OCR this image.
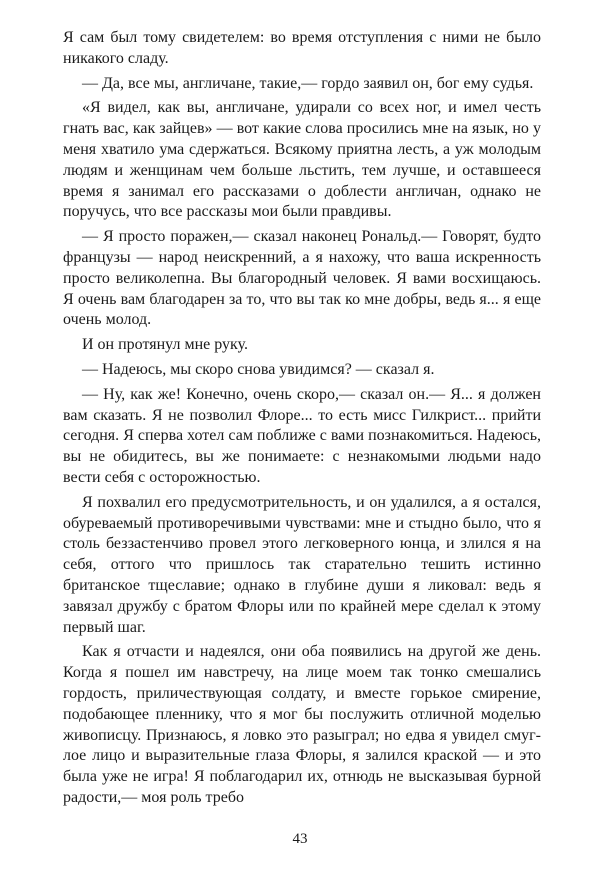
Я сам был тому свидетелем: во время отступления с ними не было никакого сладу.

— Да, все мы, англичане, такие,— гордо заявил он, бог ему судья.

«Я видел, как вы, англичане, удирали со всех ног, и имел честь гнать вас, как зайцев» — вот какие слова просились мне на язык, но у меня хватило ума сдержаться. Всякому приятна лесть, а уж молодым людям и женщинам чем больше льстить, тем лучше, и оставшееся время я занимал его рассказами о доблести англичан, однако не поручусь, что все рассказы мои были правдивы.

— Я просто поражен,— сказал наконец Рональд.— Говорят, будто французы — народ неискренний, а я нахожу, что ваша искренность просто великолепна. Вы благородный человек. Я вами восхищаюсь. Я очень вам благодарен за то, что вы так ко мне добры, ведь я... я еще очень молод.

И он протянул мне руку.

— Надеюсь, мы скоро снова увидимся? — сказал я.

— Ну, как же! Конечно, очень скоро,— сказал он.— Я... я должен вам сказать. Я не позволил Флоре... то есть мисс Гилкрист... прийти сегодня. Я сперва хотел сам поближе с вами познакомиться. Надеюсь, вы не обидитесь, вы же понимаете: с незнакомыми людьми надо вести себя с осторожностью.

Я похвалил его предусмотрительность, и он удалился, а я остался, обуреваемый противоречивыми чувствами: мне и стыдно было, что я столь беззастенчиво провел этого легковерного юнца, и злился я на себя, оттого что пришлось так старательно тешить истинно британское тщеславие; однако в глубине души я ликовал: ведь я завязал дружбу с братом Флоры или по крайней мере сделал к этому первый шаг.

Как я отчасти и надеялся, они оба появились на другой же день. Когда я пошел им навстречу, на лице моем так тонко смешались гордость, приличествующая солдату, и вместе горькое смирение, подобающее пленнику, что я мог бы послужить отличной моделью живописцу. Признаюсь, я ловко это разыграл; но едва я увидел смуглое лицо и выразительные глаза Флоры, я залился краской — и это была уже не игра! Я поблагодарил их, отнюдь не высказывая бурной радости,— моя роль требо

43
